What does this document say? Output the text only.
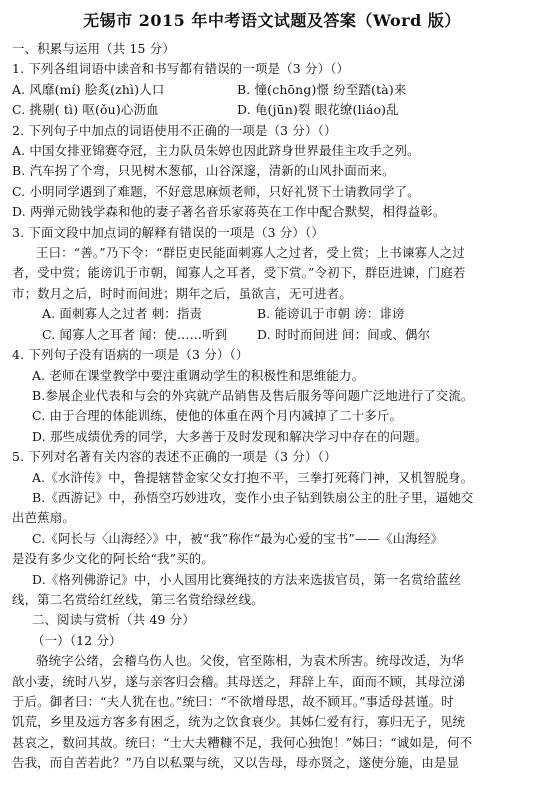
无锡市 2015 年中考语文试题及答案（Word 版）
一、积累与运用（共 15 分）
1. 下列各组词语中读音和书写都有错误的一项是（3 分）（）
A. 风靡(mí) 脍炙(zhì)人口	B. 憧(chōng)憬 纷至踏(tà)来
C. 挑剔( tì) 呕(ǒu)心沥血	D. 龟(jūn)裂 眼花缭(liáo)乱
2. 下列句子中加点的词语使用不正确的一项是（3 分）（）
A. 中国女排亚锦赛夺冠，主力队员朱婷也因此跻身世界最佳主攻手之列。
B. 汽车拐了个弯，只见树木葱郁，山谷深邃，清新的山风扑面而来。
C. 小明同学遇到了难题，不好意思麻烦老师，只好礼贤下士请教同学了。
D. 两弹元勋钱学森和他的妻子著名音乐家蒋英在工作中配合默契，相得益彰。
3. 下面文段中加点词的解释有错误的一项是（3 分）（）
王曰：“善。”乃下令：“群臣吏民能面刺寡人之过者，受上赏；上书谏寡人之过
者，受中赏；能谤讥于市朝，闻寡人之耳者，受下赏。”令初下，群臣进谏，门庭若
市；数月之后，时时而间进；期年之后，虽欲言，无可进者。
A. 面刺寡人之过者 刺：指责	B. 能谤讥于市朝 谤：诽谤
C. 闻寡人之耳者 闻：使……听到	D. 时时而间进 间：间或、偶尔
4. 下列句子没有语病的一项是（3 分）（）
A. 老师在课堂教学中要注重调动学生的积极性和思维能力。
B.参展企业代表和与会的外宾就产品销售及售后服务等问题广泛地进行了交流。
C. 由于合理的体能训练，使他的体重在两个月内减掉了二十多斤。
D. 那些成绩优秀的同学，大多善于及时发现和解决学习中存在的问题。
5. 下列对名著有关内容的表述不正确的一项是（3 分）（）
A.《水浒传》中，鲁提辖替金家父女打抱不平，三拳打死蒋门神，又机智脱身。
B.《西游记》中，孙悟空巧妙进攻，变作小虫子钻到铁扇公主的肚子里，逼她交
出芭蕉扇。
C.《阿长与〈山海经〉》中，被“我”称作“最为心爱的宝书”——《山海经》
是没有多少文化的阿长给“我”买的。
D.《格列佛游记》中，小人国用比赛绳技的方法来选拔官员，第一名赏给蓝丝
线，第二名赏给红丝线，第三名赏给绿丝线。
二、阅读与赏析（共 49 分）
（一）（12 分）
骆统字公绪，会稽乌伤人也。父俊，官至陈相，为袁术所害。统母改适，为华
歆小妻，统时八岁，遂与亲客归会稽。其母送之，拜辞上车，面而不顾，其母泣涕
于后。御者曰：“夫人犹在也。”统曰：“不欲增母思，故不顾耳。”事适母甚谨。时
饥荒，乡里及远方客多有困乏，统为之饮食衰少。其姊仁爱有行，寡归无子，见统
甚哀之，数问其故。统曰：“士大夫糟糠不足，我何心独饱！”姊曰：“诚如是，何不
告我，而自苦若此？”乃自以私粟与统，又以告母，母亦贤之，遂使分施，由是显
